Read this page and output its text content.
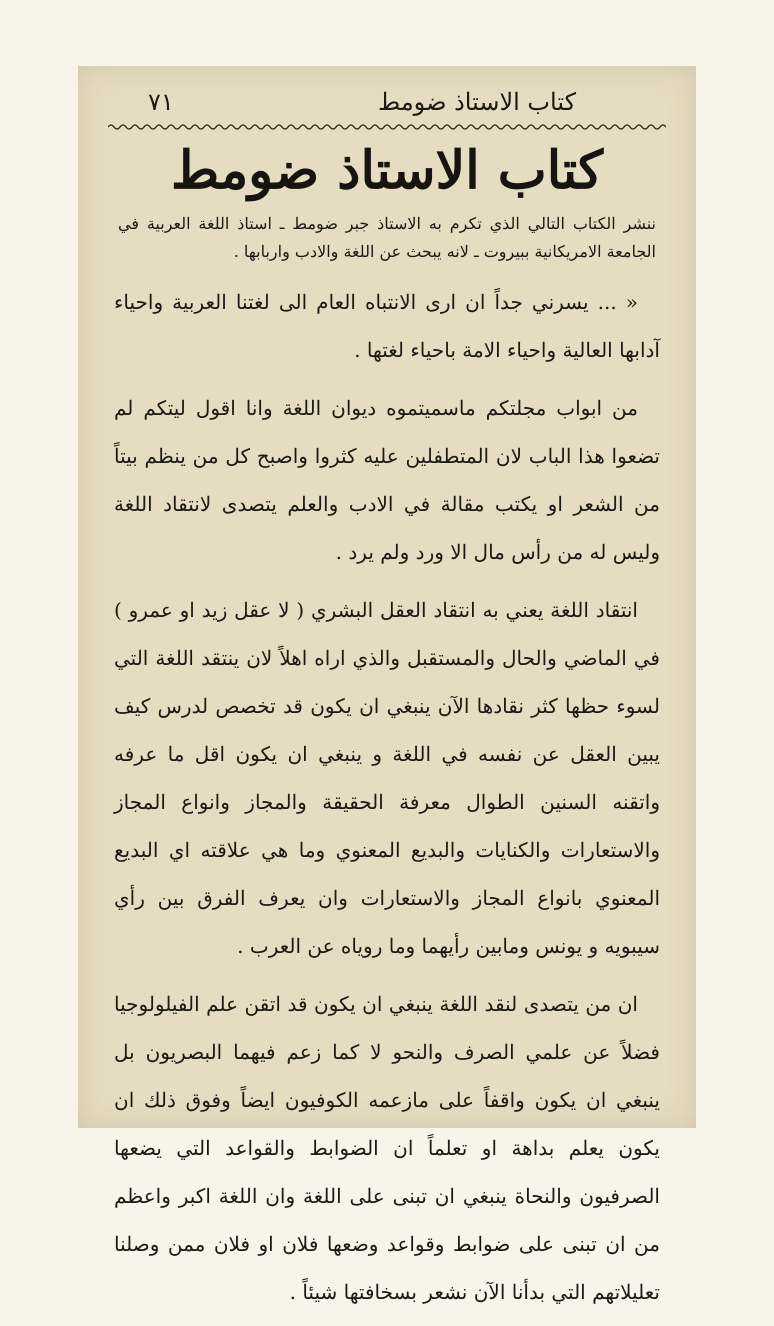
كتاب الاستاذ ضومط
٧١
كتاب الاستاذ ضومط
ننشر الكتاب التالي الذي تكرم به الاستاذ جبر ضومط ـ استاذ اللغة العربية في الجامعة الامريكانية ببيروت ـ لانه يبحث عن اللغة والادب واربابها .

« ... يسرني جداً ان ارى الانتباه العام الى لغتنا العربية واحياء آدابها العالية واحياء الامة باحياء لغتها .

من ابواب مجلتكم ماسميتموه ديوان اللغة وانا اقول ليتكم لم تضعوا هذا الباب لان المتطفلين عليه كثروا واصبح كل من ينظم بيتاً من الشعر او يكتب مقالة في الادب والعلم يتصدى لانتقاد اللغة وليس له من رأس مال الا ورد ولم يرد .

انتقاد اللغة يعني به انتقاد العقل البشري ( لا عقل زيد او عمرو ) في الماضي والحال والمستقبل والذي اراه اهلاً لان ينتقد اللغة التي لسوء حظها كثر نقادها الآن ينبغي ان يكون قد تخصص لدرس كيف يبين العقل عن نفسه في اللغة و ينبغي ان يكون اقل ما عرفه واتقنه السنين الطوال معرفة الحقيقة والمجاز وانواع المجاز والاستعارات والكنايات والبديع المعنوي وما هي علاقته اي البديع المعنوي بانواع المجاز والاستعارات وان يعرف الفرق بين رأي سيبويه و يونس ومابين رأيهما وما روياه عن العرب .

ان من يتصدى لنقد اللغة ينبغي ان يكون قد اتقن علم الفيلولوجيا فضلاً عن علمي الصرف والنحو لا كما زعم فيهما البصريون بل ينبغي ان يكون واقفاً على مازعمه الكوفيون ايضاً وفوق ذلك ان يكون يعلم بداهة او تعلماً ان الضوابط والقواعد التي يضعها الصرفيون والنحاة ينبغي ان تبنى على اللغة وان اللغة اكبر واعظم من ان تبنى على ضوابط وقواعد وضعها فلان او فلان ممن وصلنا تعليلاتهم التي بدأنا الآن نشعر بسخافتها شيئاً .
